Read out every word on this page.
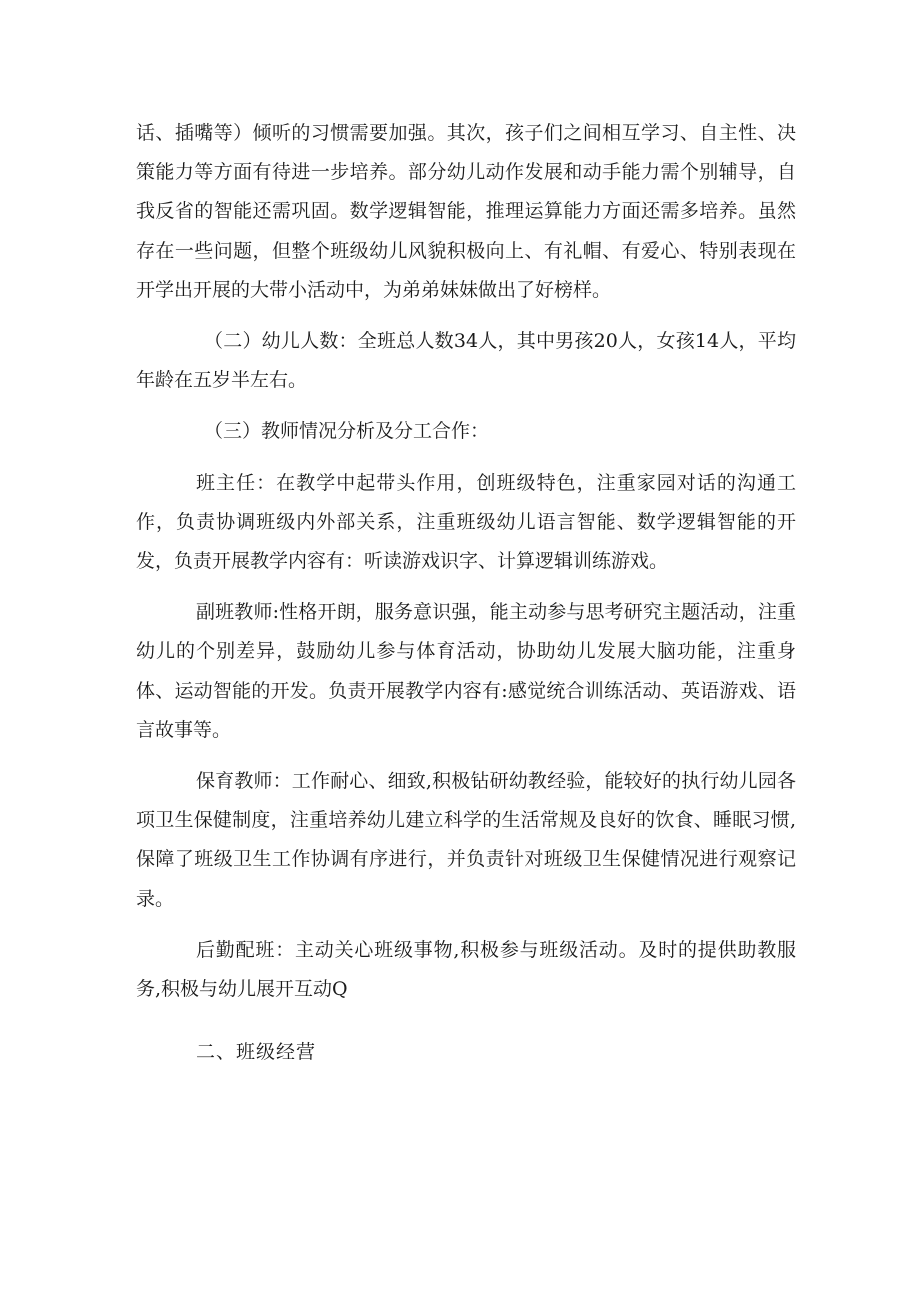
话、插嘴等）倾听的习惯需要加强。其次，孩子们之间相互学习、自主性、决策能力等方面有待进一步培养。部分幼儿动作发展和动手能力需个别辅导，自我反省的智能还需巩固。数学逻辑智能，推理运算能力方面还需多培养。虽然存在一些问题，但整个班级幼儿风貌积极向上、有礼帽、有爱心、特别表现在开学出开展的大带小活动中，为弟弟妹妹做出了好榜样。

（二）幼儿人数：全班总人数34人，其中男孩20人，女孩14人，平均年龄在五岁半左右。

（三）教师情况分析及分工合作：

班主任：在教学中起带头作用，创班级特色，注重家园对话的沟通工作，负责协调班级内外部关系，注重班级幼儿语言智能、数学逻辑智能的开发，负责开展教学内容有：听读游戏识字、计算逻辑训练游戏。

副班教师:性格开朗，服务意识强，能主动参与思考研究主题活动，注重幼儿的个别差异，鼓励幼儿参与体育活动，协助幼儿发展大脑功能，注重身体、运动智能的开发。负责开展教学内容有:感觉统合训练活动、英语游戏、语言故事等。

保育教师：工作耐心、细致,积极钻研幼教经验，能较好的执行幼儿园各项卫生保健制度，注重培养幼儿建立科学的生活常规及良好的饮食、睡眠习惯,保障了班级卫生工作协调有序进行，并负责针对班级卫生保健情况进行观察记录。

后勤配班：主动关心班级事物,积极参与班级活动。及时的提供助教服务,积极与幼儿展开互动Q

二、班级经营
